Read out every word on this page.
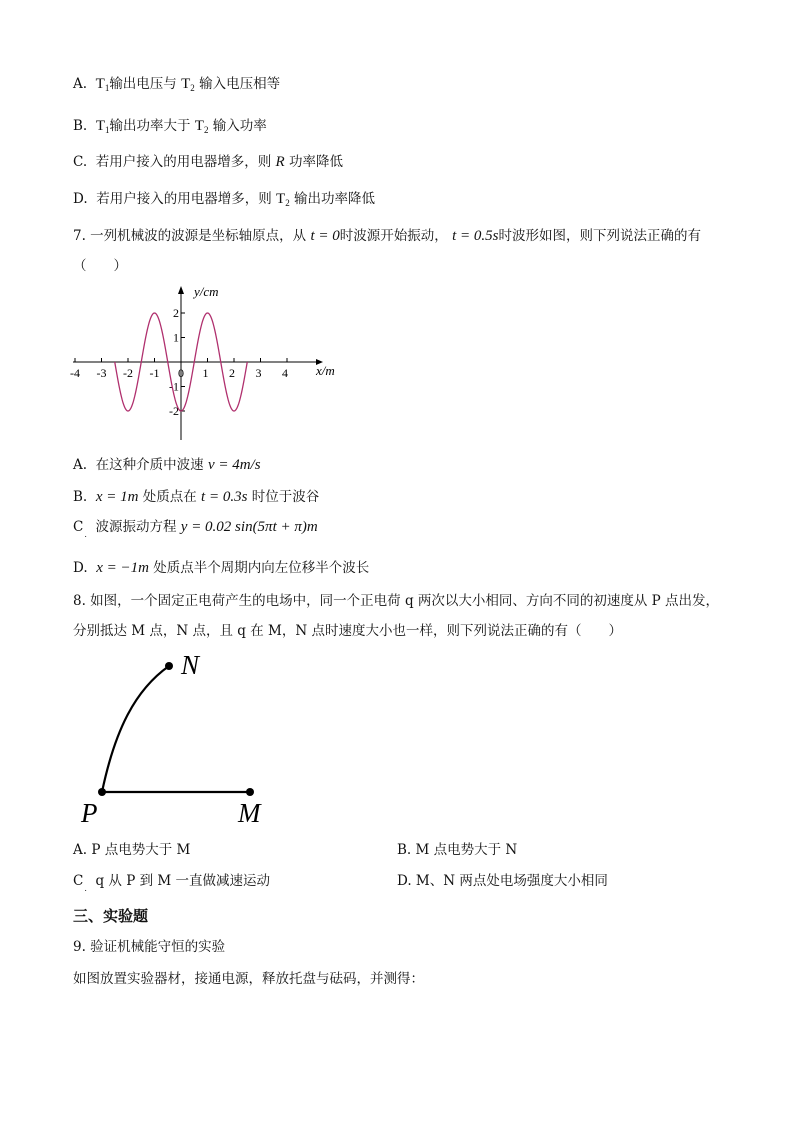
A. $T_1$输出电压与 $T_2$ 输入电压相等
B. $T_1$输出功率大于 $T_2$ 输入功率
C. 若用户接入的用电器增多，则 R 功率降低
D. 若用户接入的用电器增多，则 $T_2$ 输出功率降低
7. 一列机械波的波源是坐标轴原点，从 t = 0时波源开始振动， t = 0.5s时波形如图，则下列说法正确的有
（　　）
-4 -3 -2 -1 0 1 2 3 4
2
1
-1
-2
y/cm
x/m
A. 在这种介质中波速 v = 4m/s
B. x = 1m 处质点在 t = 0.3s 时位于波谷
$C_.$ 波源振动方程 y = 0.02 sin(5πt + π)m
D. x = −1m 处质点半个周期内向左位移半个波长
8. 如图，一个固定正电荷产生的电场中，同一个正电荷 q 两次以大小相同、方向不同的初速度从 P 点出发，
分别抵达 M 点，N 点，且 q 在 M，N 点时速度大小也一样，则下列说法正确的有（　　）
N
P	M
A. P 点电势大于 M	B. M 点电势大于 N
$C_.$ q 从 P 到 M 一直做减速运动	D. M、N 两点处电场强度大小相同
三、实验题
9. 验证机械能守恒的实验
如图放置实验器材，接通电源，释放托盘与砝码，并测得：
